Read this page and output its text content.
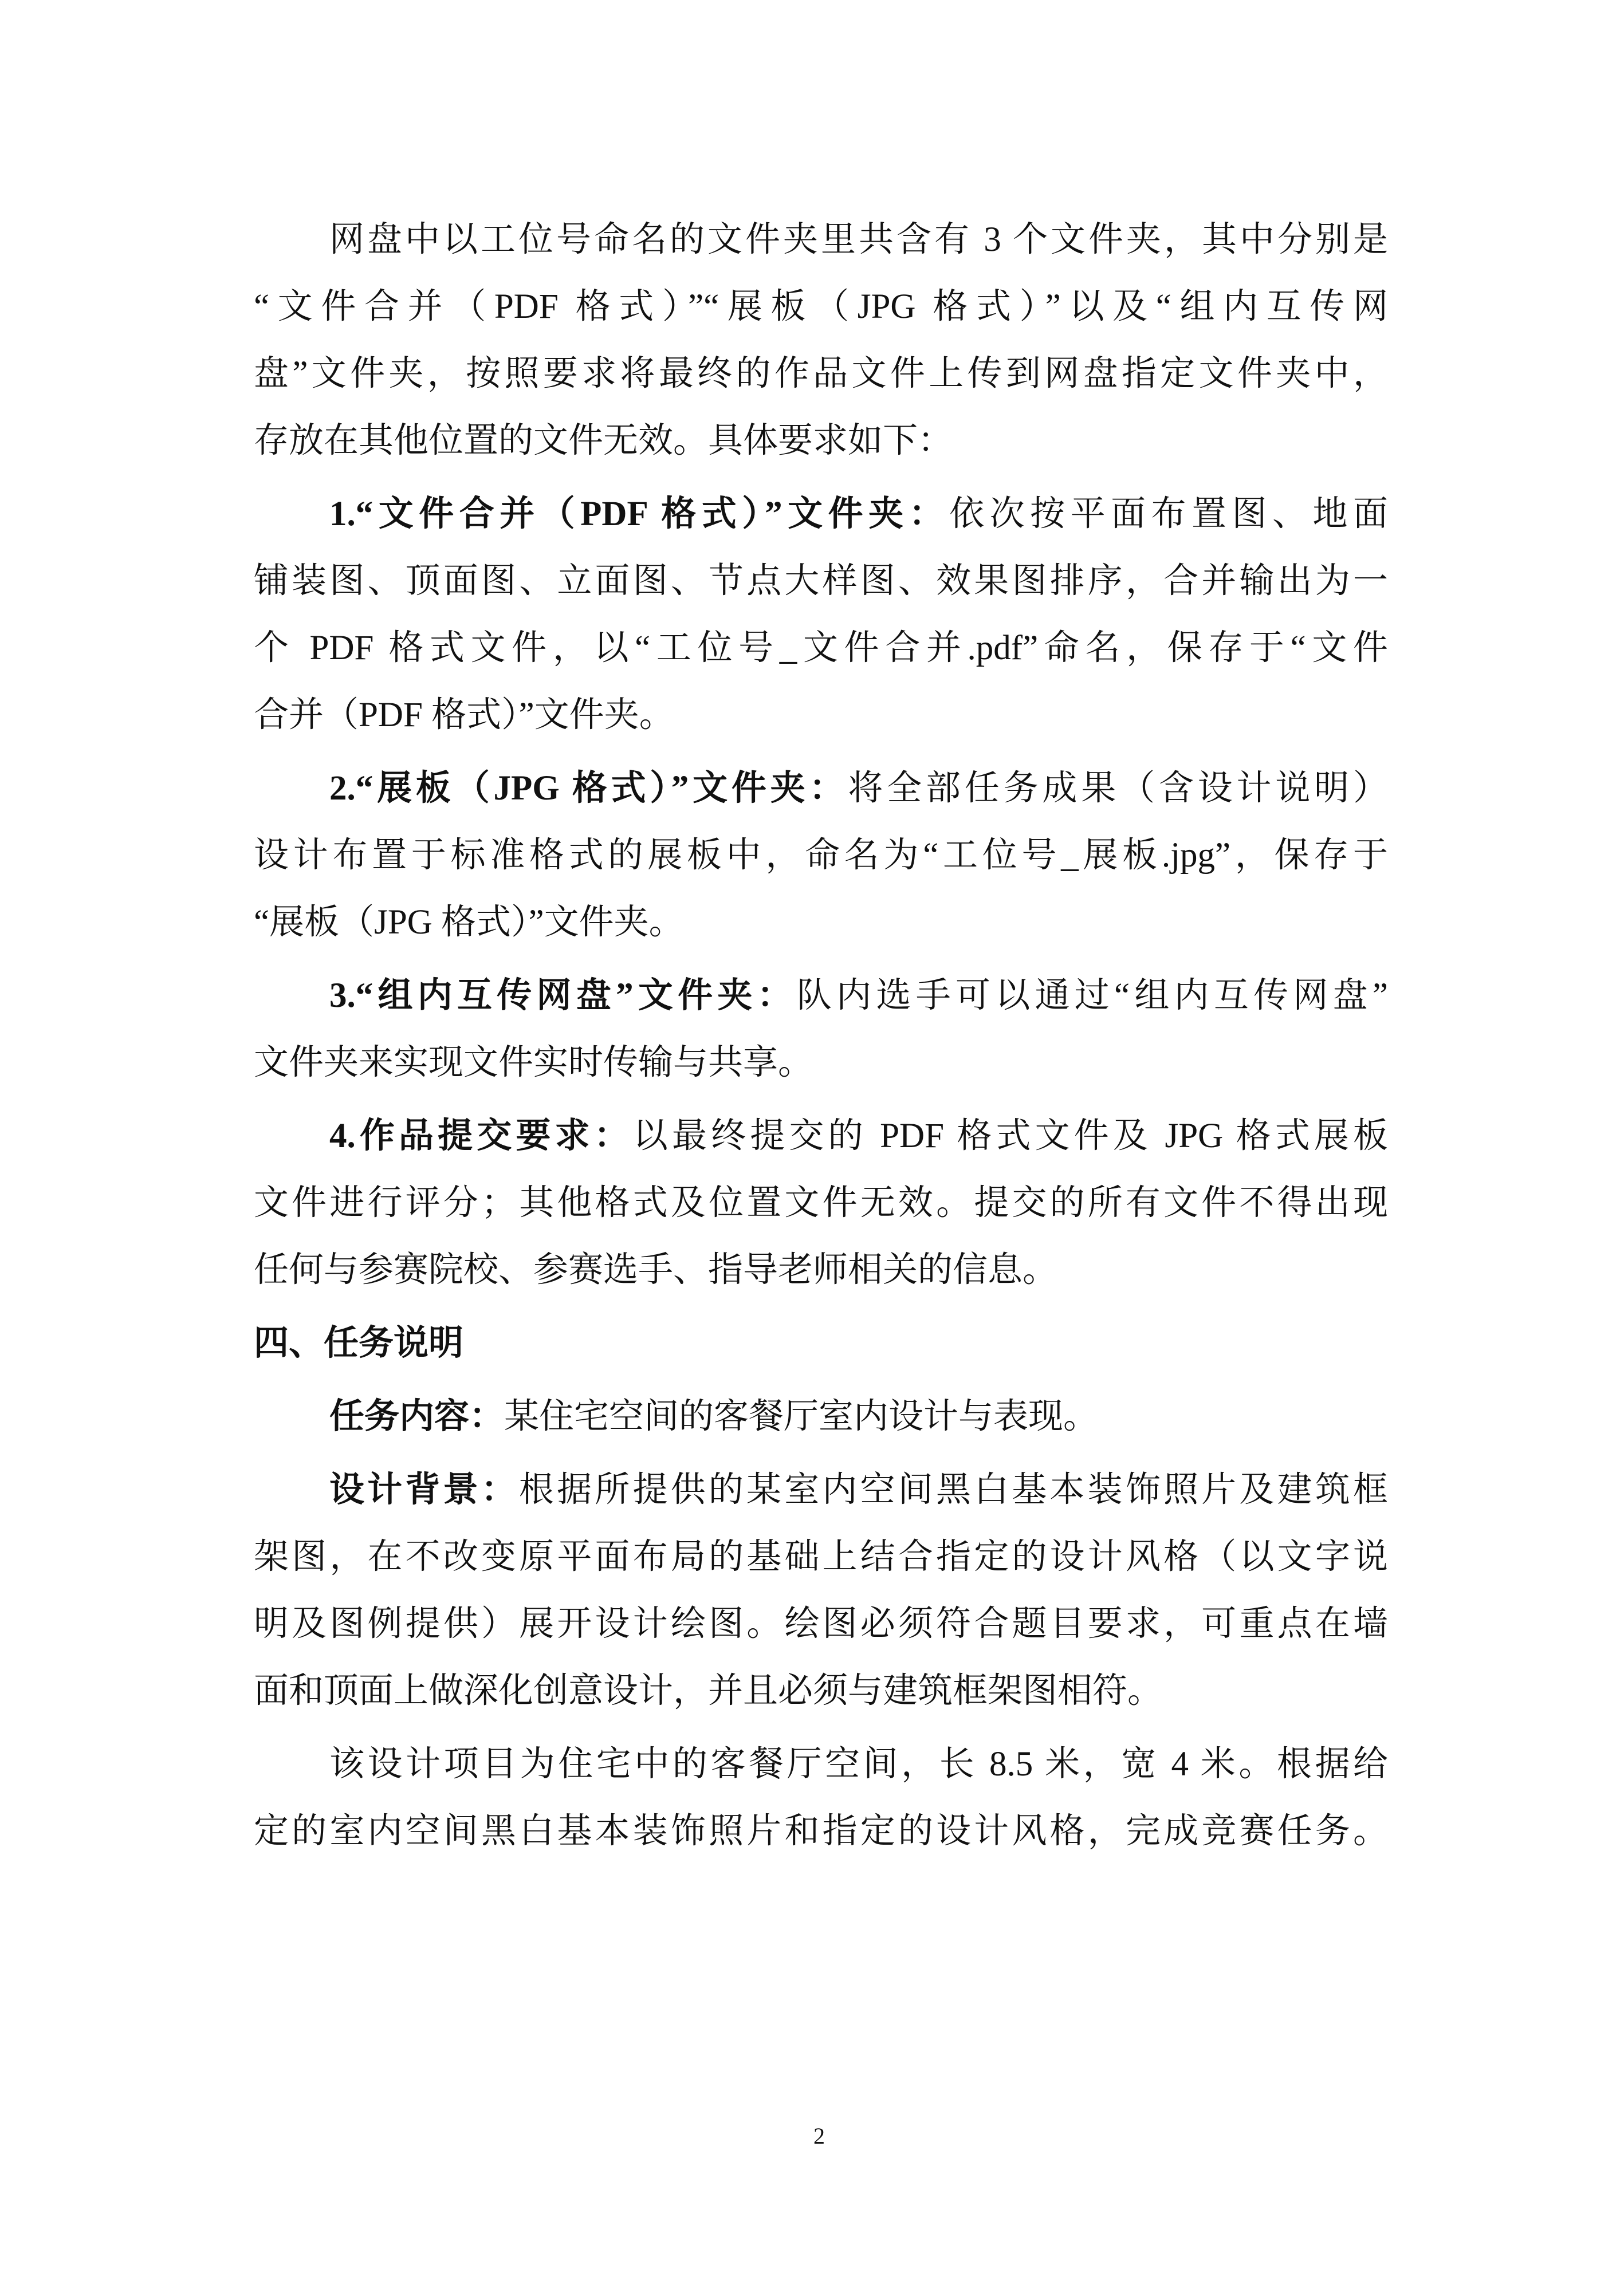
网盘中以工位号命名的文件夹里共含有 3 个文件夹，其中分别是
“文件合并（PDF 格式）”“展板（JPG 格式）”以及“组内互传网
盘”文件夹，按照要求将最终的作品文件上传到网盘指定文件夹中，
存放在其他位置的文件无效。具体要求如下：
1.“文件合并（PDF 格式）”文件夹：依次按平面布置图、地面
铺装图、顶面图、立面图、节点大样图、效果图排序，合并输出为一
个 PDF 格式文件，以“工位号_文件合并.pdf”命名，保存于“文件
合并（PDF 格式）”文件夹。
2.“展板（JPG 格式）”文件夹：将全部任务成果（含设计说明）
设计布置于标准格式的展板中，命名为“工位号_展板.jpg”，保存于
“展板（JPG 格式）”文件夹。
3.“组内互传网盘”文件夹：队内选手可以通过“组内互传网盘”
文件夹来实现文件实时传输与共享。
4.作品提交要求：以最终提交的 PDF 格式文件及 JPG 格式展板
文件进行评分；其他格式及位置文件无效。提交的所有文件不得出现
任何与参赛院校、参赛选手、指导老师相关的信息。
四、任务说明
任务内容：某住宅空间的客餐厅室内设计与表现。
设计背景：根据所提供的某室内空间黑白基本装饰照片及建筑框
架图，在不改变原平面布局的基础上结合指定的设计风格（以文字说
明及图例提供）展开设计绘图。绘图必须符合题目要求，可重点在墙
面和顶面上做深化创意设计，并且必须与建筑框架图相符。
该设计项目为住宅中的客餐厅空间，长 8.5 米，宽 4 米。根据给
定的室内空间黑白基本装饰照片和指定的设计风格，完成竞赛任务。
2
